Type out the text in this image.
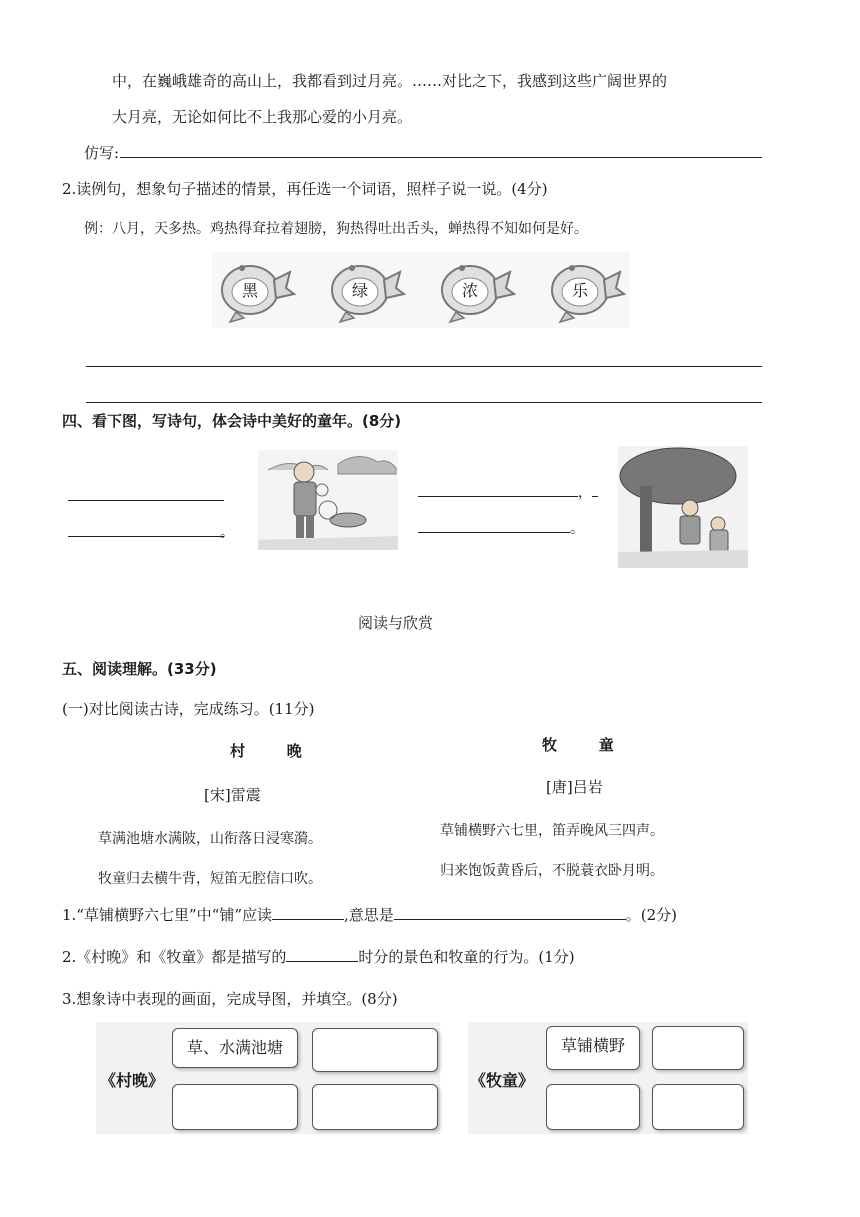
中，在巍峨雄奇的高山上，我都看到过月亮。……对比之下，我感到这些广阔世界的
大月亮，无论如何比不上我那心爱的小月亮。
仿写:
2.读例句，想象句子描述的情景，再任选一个词语，照样子说一说。(4分)
例：八月，天多热。鸡热得耷拉着翅膀，狗热得吐出舌头，蝉热得不知如何是好。
黑	绿	浓	乐
四、看下图，写诗句，体会诗中美好的童年。(8分)
。
，
。
阅读与欣赏
五、阅读理解。(33分)
(一)对比阅读古诗，完成练习。(11分)
村        晚
[宋]雷震
草满池塘水满陂，山衔落日浸寒漪。
牧童归去横牛背，短笛无腔信口吹。
牧        童
[唐]吕岩
草铺横野六七里，笛弄晚风三四声。
归来饱饭黄昏后，不脱蓑衣卧月明。
1.“草铺横野六七里”中“铺”应读	,意思是	。(2分)
2.《村晚》和《牧童》都是描写的	时分的景色和牧童的行为。(1分)
3.想象诗中表现的画面，完成导图，并填空。(8分)
《村晚》
草、水满池塘
《牧童》
草铺横野
